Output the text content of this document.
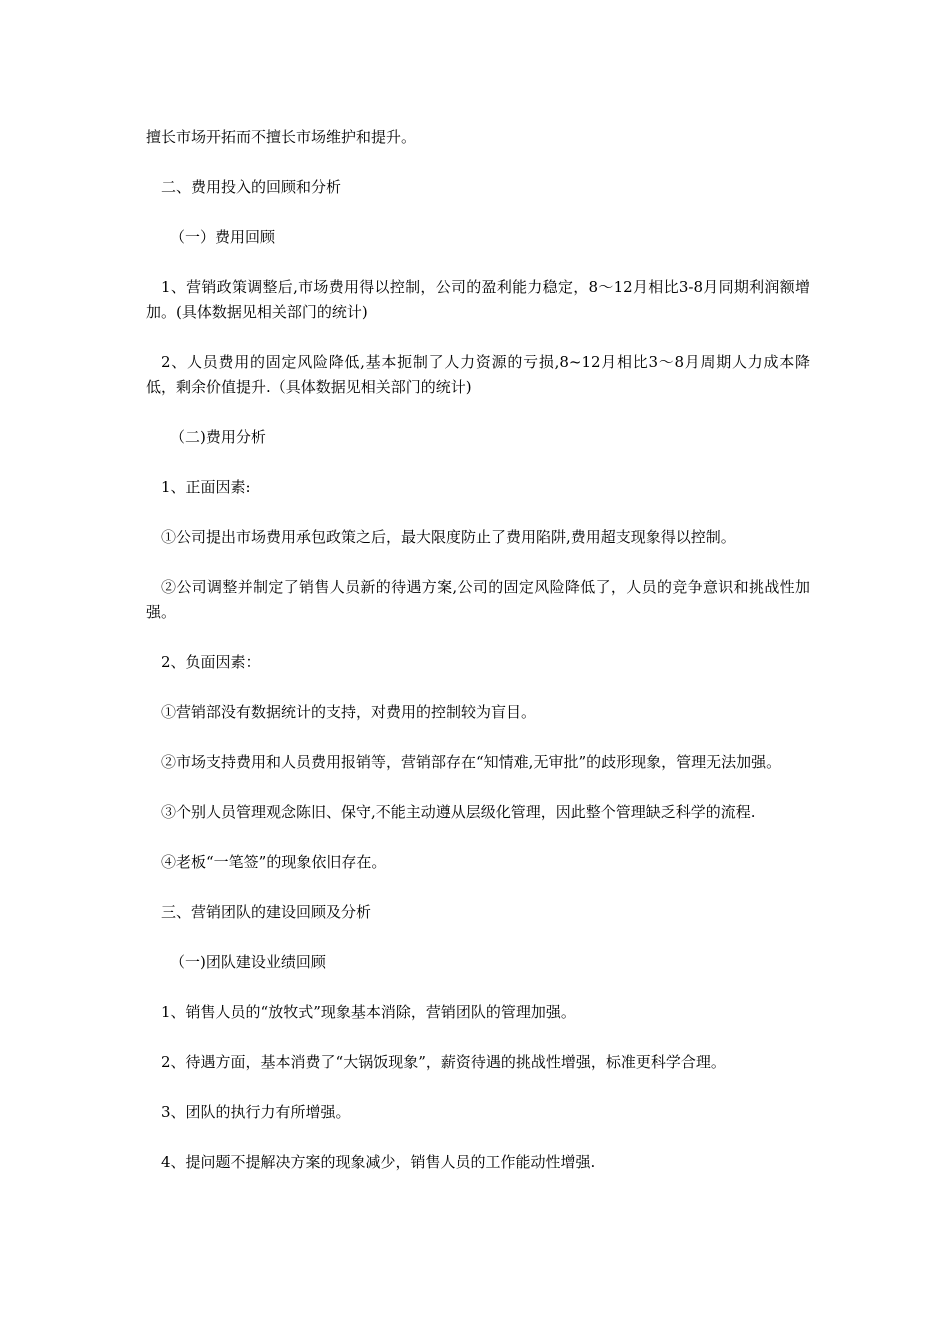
擅长市场开拓而不擅长市场维护和提升。

二、费用投入的回顾和分析

（一）费用回顾

1、营销政策调整后,市场费用得以控制，公司的盈利能力稳定，8～12月相比3-8月同期利润额增加。(具体数据见相关部门的统计)

2、人员费用的固定风险降低,基本扼制了人力资源的亏损,8~12月相比3～8月周期人力成本降低，剩余价值提升.（具体数据见相关部门的统计)

（二)费用分析

1、正面因素:

①公司提出市场费用承包政策之后，最大限度防止了费用陷阱,费用超支现象得以控制。

②公司调整并制定了销售人员新的待遇方案,公司的固定风险降低了，人员的竞争意识和挑战性加强。

2、负面因素：

①营销部没有数据统计的支持，对费用的控制较为盲目。

②市场支持费用和人员费用报销等，营销部存在“知情难,无审批”的歧形现象，管理无法加强。

③个别人员管理观念陈旧、保守,不能主动遵从层级化管理，因此整个管理缺乏科学的流程.

④老板“一笔签”的现象依旧存在。

三、营销团队的建设回顾及分析

（一)团队建设业绩回顾

1、销售人员的“放牧式”现象基本消除，营销团队的管理加强。

2、待遇方面，基本消费了“大锅饭现象”，薪资待遇的挑战性增强，标准更科学合理。

3、团队的执行力有所增强。

4、提问题不提解决方案的现象减少，销售人员的工作能动性增强.
